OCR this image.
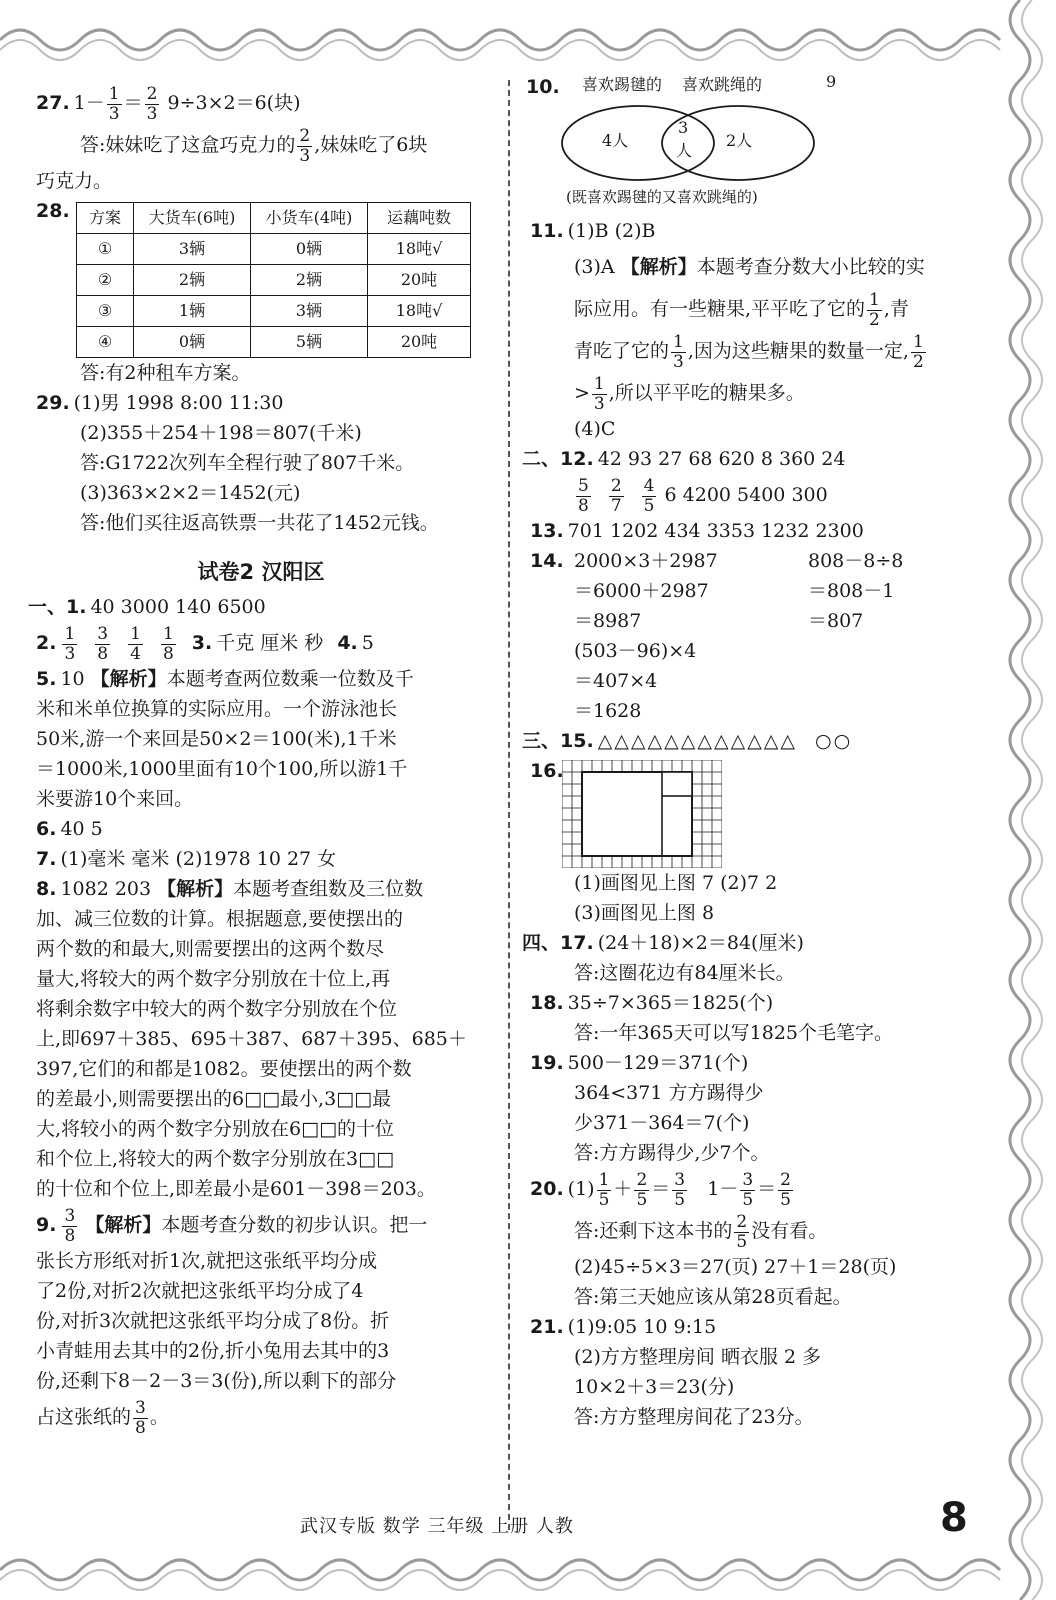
27. $1- \frac{1}{3} = \frac{2}{3} 9\div 3\times 2=6$(块)
答:妹妹吃了这盒巧克力的 $\frac{2}{3}$ ,妹妹吃了6块
巧克力。
28. 方案	大货车(6吨)	小货车(4吨)	运藕吨数
①	3辆	0辆	18吨√
②	2辆	2辆	20吨
③	1辆	3辆	18吨√
④	0辆	5辆	20吨
答:有2种租车方案。
29. (1)男 1998 8:00 11:30
(2)355＋254＋198＝807(千米)
答:G1722次列车全程行驶了807千米。
(3)363×2×2＝1452(元)
答:他们买往返高铁票一共花了1452元钱。
试卷2 汉阳区
一、1. 40 3000 140 6500
2. $\frac{1}{3} \frac{3}{8} \frac{1}{4} \frac{1}{8} 3$. 千克 厘米 秒 4. 5
5. 10 【解析】本题考查两位数乘一位数及千
米和米单位换算的实际应用。一个游泳池长
50米,游一个来回是50×2＝100(米),1千米
＝1000米,1000里面有10个100,所以游1千
米要游10个来回。
6. 40 5
7. (1)毫米 毫米 (2)1978 10 27 女
8. 1082 203 【解析】本题考查组数及三位数
加、减三位数的计算。根据题意,要使摆出的
两个数的和最大,则需要摆出的这两个数尽
量大,将较大的两个数字分别放在十位上,再
将剩余数字中较大的两个数字分别放在个位
上,即697＋385、695＋387、687＋395、685＋
397,它们的和都是1082。要使摆出的两个数
的差最小,则需要摆出的6□□最小,3□□最
大,将较小的两个数字分别放在6□□的十位
和个位上,将较大的两个数字分别放在3□□
的十位和个位上,即差最小是601－398＝203。
9. $\frac{3}{8}$ 【解析】本题考查分数的初步认识。把一
张长方形纸对折1次,就把这张纸平均分成
了2份,对折2次就把这张纸平均分成了4
份,对折3次就把这张纸平均分成了8份。折
小青蛙用去其中的2份,折小兔用去其中的3
份,还剩下8－2－3＝3(份),所以剩下的部分
占这张纸的 $\frac{3}{8}$ 。
10. 喜欢踢毽的 喜欢跳绳的	9
4人
3
人
2人
(既喜欢踢毽的又喜欢跳绳的)
11. (1)B (2)B
(3)A 【解析】本题考查分数大小比较的实
际应用。有一些糖果,平平吃了它的 $\frac{1}{2}$ ,青
青吃了它的 $\frac{1}{3}$ ,因为这些糖果的数量一定, $\frac{1}{2}$
> $\frac{1}{3}$ ,所以平平吃的糖果多。
(4)C
二、12. 42 93 27 68 620 8 360 24
$\frac{5}{8} \frac{2}{7} \frac{4}{5} 6$ 4200 5400 300
13. 701 1202 434 3353 1232 2300
14. 2000×3＋2987
＝6000＋2987
＝8987
(503－96)×4
＝407×4
＝1628
808－8÷8
＝808－1
＝807
三、15. △△△△△△△△△△△△ ○○
16.
(1)画图见上图 7 (2)7 2
(3)画图见上图 8
四、17. (24＋18)×2＝84(厘米)
答:这圈花边有84厘米长。
18. 35÷7×365＝1825(个)
答:一年365天可以写1825个毛笔字。
19. 500－129＝371(个)
364<371 方方踢得少
少371－364＝7(个)
答:方方踢得少,少7个。
20. $(1) \frac{1}{5} + \frac{2}{5} = \frac{3}{5} 1- \frac{3}{5} = \frac{2}{5}$
答:还剩下这本书的 $\frac{2}{5}$ 没有看。
(2)45÷5×3＝27(页) 27＋1＝28(页)
答:第三天她应该从第28页看起。
21. (1)9:05 10 9:15
(2)方方整理房间 晒衣服 2 多
10×2＋3＝23(分)
答:方方整理房间花了23分。
武汉专版 数学 三年级 上册 人教	8
